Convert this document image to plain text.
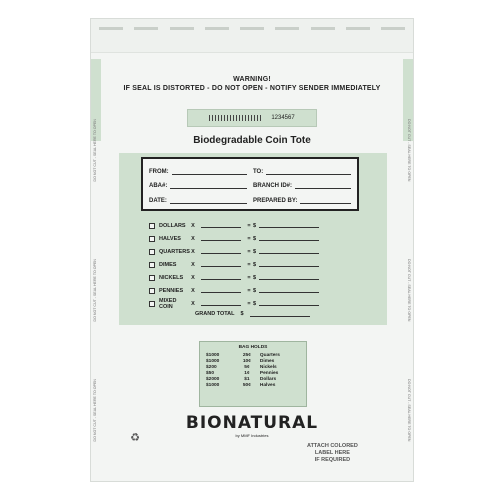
WARNING!
IF SEAL IS DISTORTED - DO NOT OPEN - NOTIFY SENDER IMMEDIATELY
1234567
Biodegradable Coin Tote
FROM:	TO:
ABA#:	BRANCH ID#:
DATE:	PREPARED BY:
DOLLARS	X	= $
HALVES	X	= $
QUARTERS X	= $
DIMES	X	= $
NICKELS	X	= $
PENNIES	X	= $
MIXED COIN	X	= $
GRAND TOTAL $
BAG HOLDS
$1000	25¢	Quarters
$1000	10¢	Dimes
$200	5¢	Nickels
$50	1¢	Pennies
$2000	$1	Dollars
$1000	50¢	Halves
BIONATURAL
by MMF Industries
♻
ATTACH COLORED
LABEL HERE
IF REQUIRED
DO NOT CUT - SEAL HERE TO OPEN
DO NOT CUT - SEAL HERE TO OPEN
DO NOT CUT - SEAL HERE TO OPEN
DO NOT CUT - SEAL HERE TO OPEN
DO NOT CUT - SEAL HERE TO OPEN
DO NOT CUT - SEAL HERE TO OPEN
